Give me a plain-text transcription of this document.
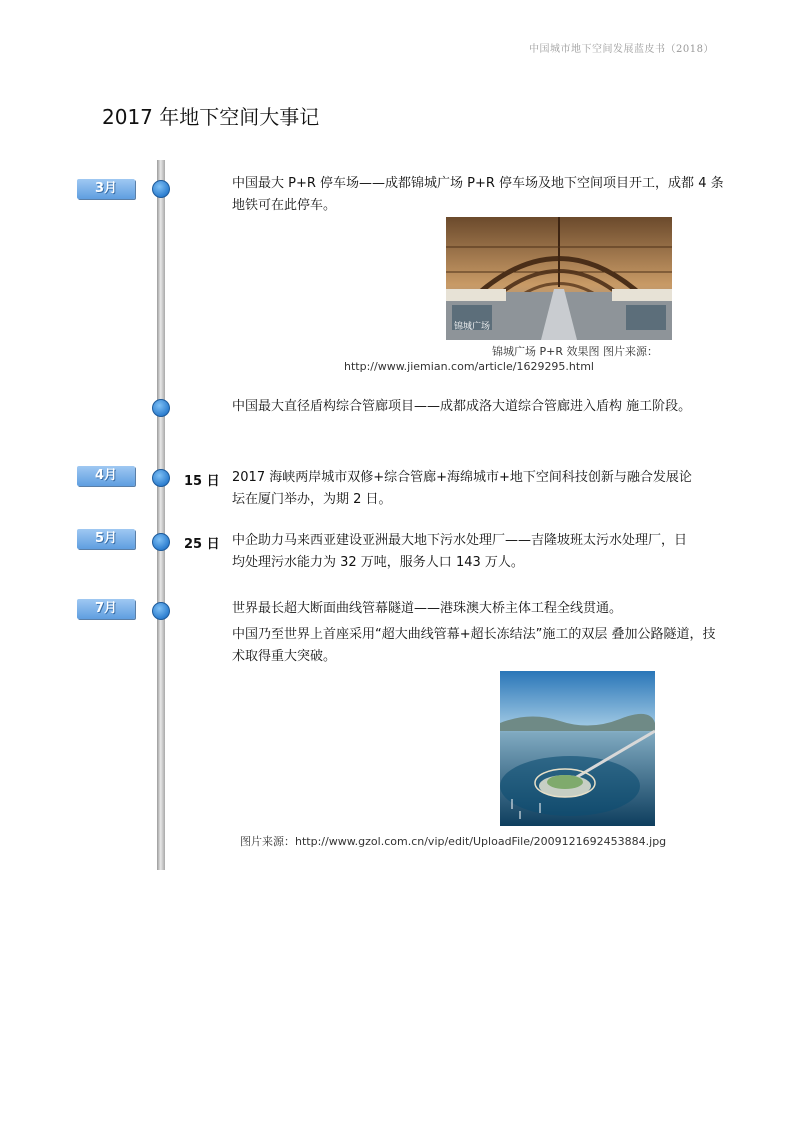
中国城市地下空间发展蓝皮书（2018）
2017 年地下空间大事记
3月
4月
5月
7月
15 日
25 日
中国最大 P+R 停车场——成都锦城广场 P+R 停车场及地下空间项目开工，成都 4 条地铁可在此停车。
锦城广场
锦城广场 P+R 效果图 图片来源：
http://www.jiemian.com/article/1629295.html
中国最大直径盾构综合管廊项目——成都成洛大道综合管廊进入盾构 施工阶段。
2017 海峡两岸城市双修+综合管廊+海绵城市+地下空间科技创新与融合发展论坛在厦门举办，为期 2 日。
中企助力马来西亚建设亚洲最大地下污水处理厂——吉隆坡班太污水处理厂，日均处理污水能力为 32 万吨，服务人口 143 万人。
世界最长超大断面曲线管幕隧道——港珠澳大桥主体工程全线贯通。
中国乃至世界上首座采用“超大曲线管幕+超长冻结法”施工的双层 叠加公路隧道，技术取得重大突破。
图片来源：http://www.gzol.com.cn/vip/edit/UploadFile/2009121692453884.jpg
